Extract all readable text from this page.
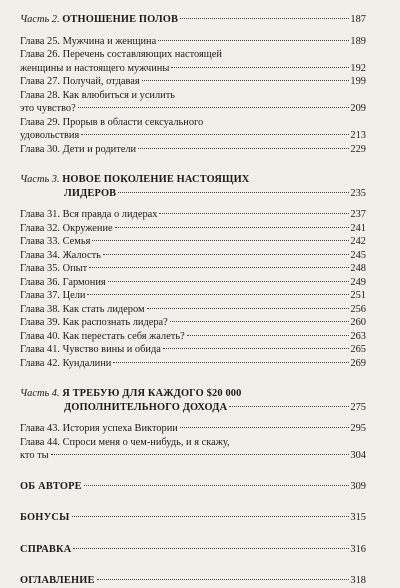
Часть 2.
ОТНОШЕНИЕ ПОЛОВ	187
Глава 25. Мужчина и женщина	189
Глава 26. Перечень составляющих настоящей
женщины и настоящего мужчины	192
Глава 27. Получай, отдавая	199
Глава 28. Как влюбиться и усилить
это чувство?	209
Глава 29. Прорыв в области сексуального
удовольствия	213
Глава 30. Дети и родители	229
Часть 3. НОВОЕ ПОКОЛЕНИЕ НАСТОЯЩИХ
ЛИДЕРОВ	235
Глава 31. Вся правда о лидерах	237
Глава 32. Окружение	241
Глава 33. Семья	242
Глава 34. Жалость	245
Глава 35. Опыт	248
Глава 36. Гармония	249
Глава 37. Цели	251
Глава 38. Как стать лидером	256
Глава 39. Как распознать лидера?	260
Глава 40. Как перестать себя жалеть?	263
Глава 41. Чувство вины и обида	265
Глава 42. Кундалини	269
Часть 4. Я ТРЕБУЮ ДЛЯ КАЖДОГО $20 000
ДОПОЛНИТЕЛЬНОГО ДОХОДА	275
Глава 43. История успеха Виктории	295
Глава 44. Спроси меня о чем-нибудь, и я скажу,
кто ты	304
ОБ АВТОРЕ	309
БОНУСЫ	315
СПРАВКА	316
ОГЛАВЛЕНИЕ	318
